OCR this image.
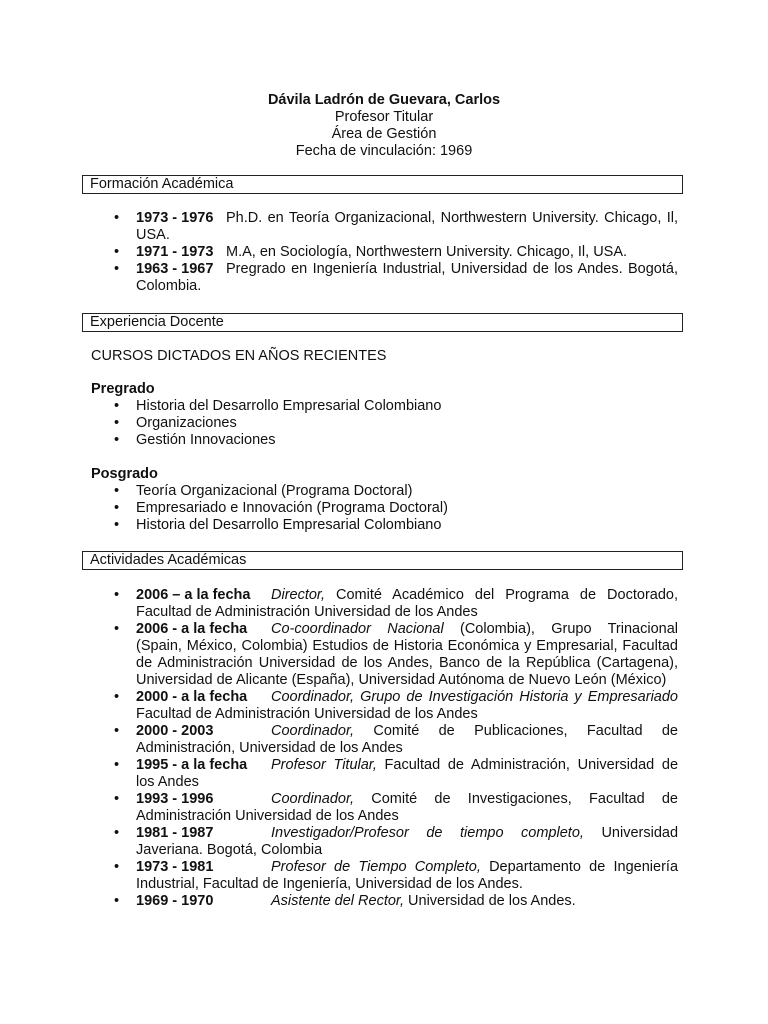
Dávila Ladrón de Guevara, Carlos
Profesor Titular
Área de Gestión
Fecha de vinculación: 1969
Formación Académica
• 1973 - 1976 Ph.D. en Teoría Organizacional, Northwestern University. Chicago, Il, USA.
• 1971 - 1973 M.A, en Sociología, Northwestern University. Chicago, Il, USA.
• 1963 - 1967 Pregrado en Ingeniería Industrial, Universidad de los Andes. Bogotá, Colombia.
Experiencia Docente
CURSOS DICTADOS EN AÑOS RECIENTES
Pregrado
• Historia del Desarrollo Empresarial Colombiano
• Organizaciones
• Gestión Innovaciones
Posgrado
• Teoría Organizacional (Programa Doctoral)
• Empresariado e Innovación (Programa Doctoral)
• Historia del Desarrollo Empresarial Colombiano
Actividades Académicas
• 2006 – a la fecha Director, Comité Académico del Programa de Doctorado, Facultad de Administración Universidad de los Andes
• 2006 - a la fecha Co-coordinador Nacional (Colombia), Grupo Trinacional (Spain, México, Colombia) Estudios de Historia Económica y Empresarial, Facultad de Administración Universidad de los Andes, Banco de la República (Cartagena), Universidad de Alicante (España), Universidad Autónoma de Nuevo León (México)
• 2000 - a la fecha Coordinador, Grupo de Investigación Historia y Empresariado Facultad de Administración Universidad de los Andes
• 2000 - 2003	Coordinador, Comité de Publicaciones, Facultad de Administración, Universidad de los Andes
• 1995 - a la fecha Profesor Titular, Facultad de Administración, Universidad de los Andes
• 1993 - 1996	Coordinador, Comité de Investigaciones, Facultad de Administración Universidad de los Andes
• 1981 - 1987	Investigador/Profesor de tiempo completo, Universidad Javeriana. Bogotá, Colombia
• 1973 - 1981	Profesor de Tiempo Completo, Departamento de Ingeniería Industrial, Facultad de Ingeniería, Universidad de los Andes.
• 1969 - 1970	Asistente del Rector, Universidad de los Andes.
